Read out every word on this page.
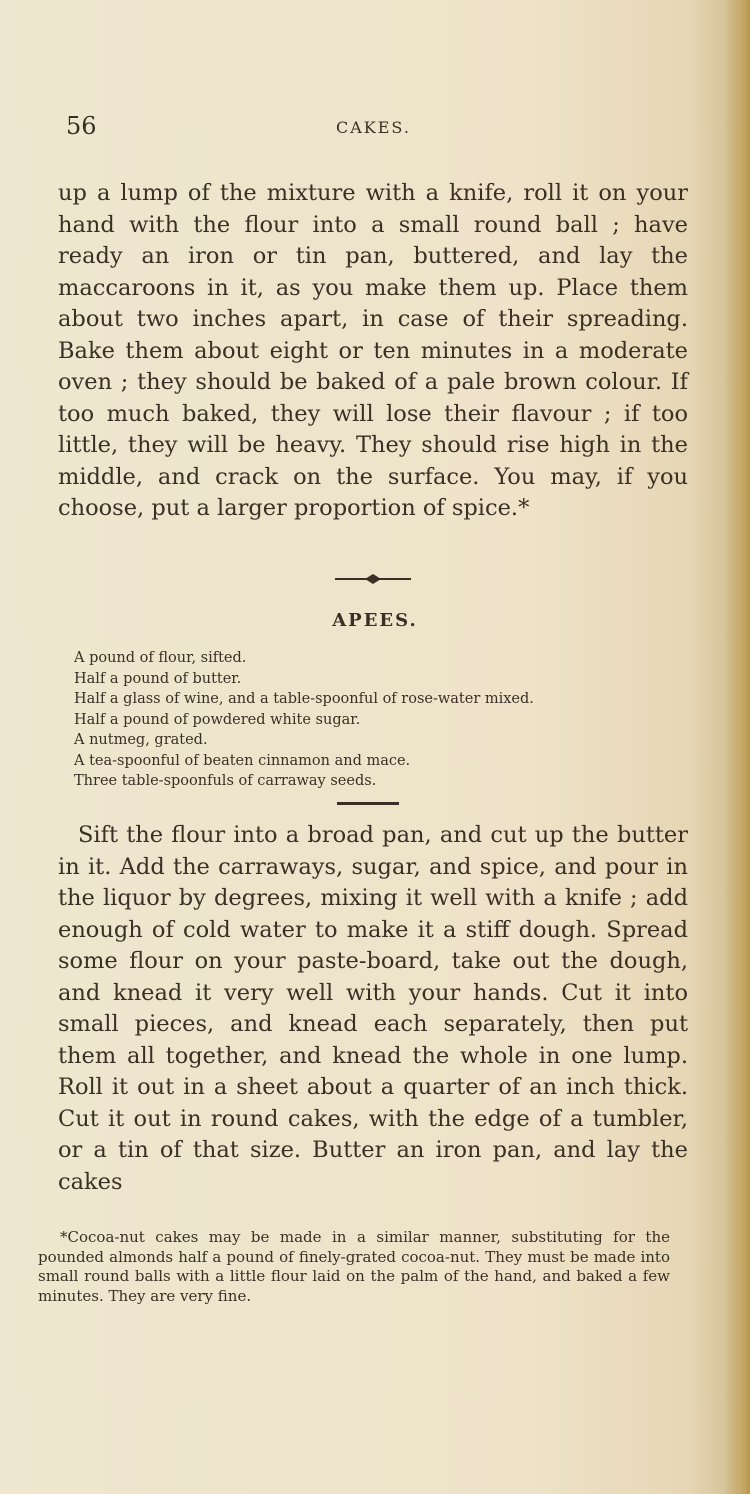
56	CAKES.
up a lump of the mixture with a knife, roll it on your hand with the flour into a small round ball ; have ready an iron or tin pan, buttered, and lay the maccaroons in it, as you make them up. Place them about two inches apart, in case of their spreading. Bake them about eight or ten minutes in a moderate oven ; they should be baked of a pale brown colour. If too much baked, they will lose their flavour ; if too little, they will be heavy. They should rise high in the middle, and crack on the surface. You may, if you choose, put a larger proportion of spice.*
APEES.
A pound of flour, sifted.
Half a pound of butter.
Half a glass of wine, and a table-spoonful of rose-water mixed.
Half a pound of powdered white sugar.
A nutmeg, grated.
A tea-spoonful of beaten cinnamon and mace.
Three table-spoonfuls of carraway seeds.
Sift the flour into a broad pan, and cut up the butter in it. Add the carraways, sugar, and spice, and pour in the liquor by degrees, mixing it well with a knife ; add enough of cold water to make it a stiff dough. Spread some flour on your paste-board, take out the dough, and knead it very well with your hands. Cut it into small pieces, and knead each separately, then put them all together, and knead the whole in one lump. Roll it out in a sheet about a quarter of an inch thick. Cut it out in round cakes, with the edge of a tumbler, or a tin of that size. Butter an iron pan, and lay the cakes
*Cocoa-nut cakes may be made in a similar manner, substituting for the pounded almonds half a pound of finely-grated cocoa-nut. They must be made into small round balls with a little flour laid on the palm of the hand, and baked a few minutes. They are very fine.
